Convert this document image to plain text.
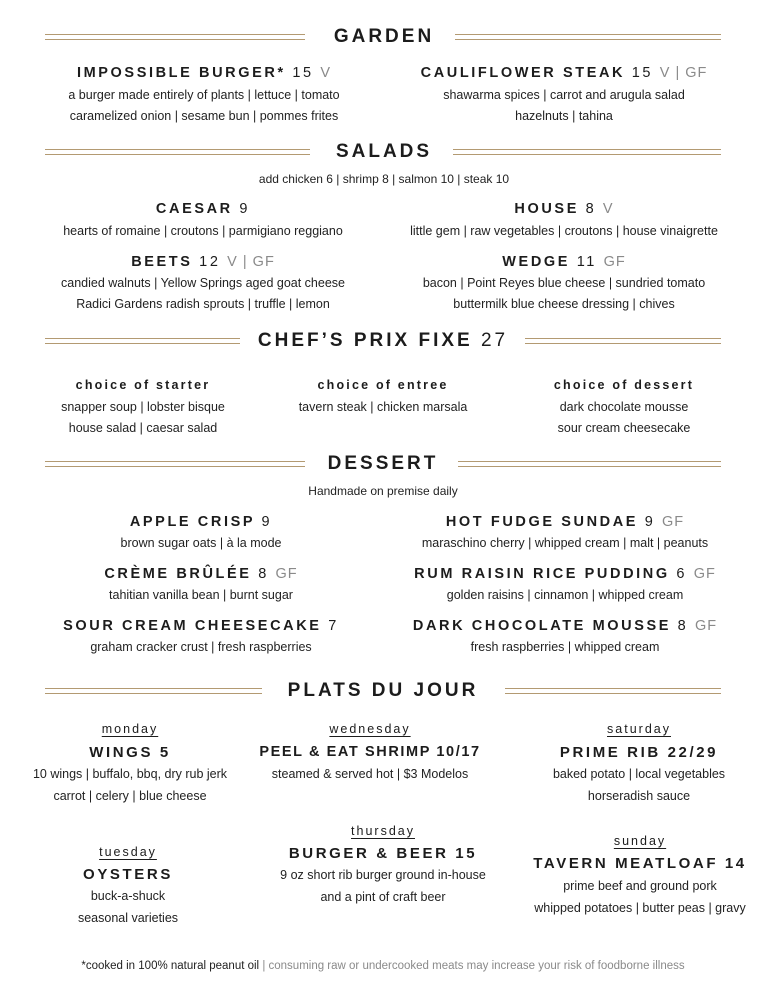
GARDEN
IMPOSSIBLE BURGER* 15 V
a burger made entirely of plants | lettuce | tomato
caramelized onion | sesame bun | pommes frites
CAULIFLOWER STEAK 15 V | GF
shawarma spices | carrot and arugula salad
hazelnuts | tahina
SALADS
add chicken 6 | shrimp 8 | salmon 10 | steak 10
CAESAR 9
hearts of romaine | croutons | parmigiano reggiano
HOUSE 8 V
little gem | raw vegetables | croutons | house vinaigrette
BEETS 12 V | GF
candied walnuts | Yellow Springs aged goat cheese
Radici Gardens radish sprouts | truffle | lemon
WEDGE 11 GF
bacon | Point Reyes blue cheese | sundried tomato
buttermilk blue cheese dressing | chives
CHEF’S PRIX FIXE 27
choice of starter
snapper soup | lobster bisque
house salad | caesar salad
choice of entree
tavern steak | chicken marsala
choice of dessert
dark chocolate mousse
sour cream cheesecake
DESSERT
Handmade on premise daily
APPLE CRISP 9
brown sugar oats | à la mode
HOT FUDGE SUNDAE 9 GF
maraschino cherry | whipped cream | malt | peanuts
CRÈME BRÛLÉE 8 GF
tahitian vanilla bean | burnt sugar
RUM RAISIN RICE PUDDING 6 GF
golden raisins | cinnamon | whipped cream
SOUR CREAM CHEESECAKE 7
graham cracker crust | fresh raspberries
DARK CHOCOLATE MOUSSE 8 GF
fresh raspberries | whipped cream
PLATS DU JOUR
monday
WINGS 5
10 wings | buffalo, bbq, dry rub jerk
carrot | celery | blue cheese
wednesday
PEEL & EAT SHRIMP 10/17
steamed & served hot | $3 Modelos
saturday
PRIME RIB 22/29
baked potato | local vegetables
horseradish sauce
tuesday
OYSTERS
buck-a-shuck
seasonal varieties
thursday
BURGER & BEER 15
9 oz short rib burger ground in-house
and a pint of craft beer
sunday
TAVERN MEATLOAF 14
prime beef and ground pork
whipped potatoes | butter peas | gravy
*cooked in 100% natural peanut oil | consuming raw or undercooked meats may increase your risk of foodborne illness
